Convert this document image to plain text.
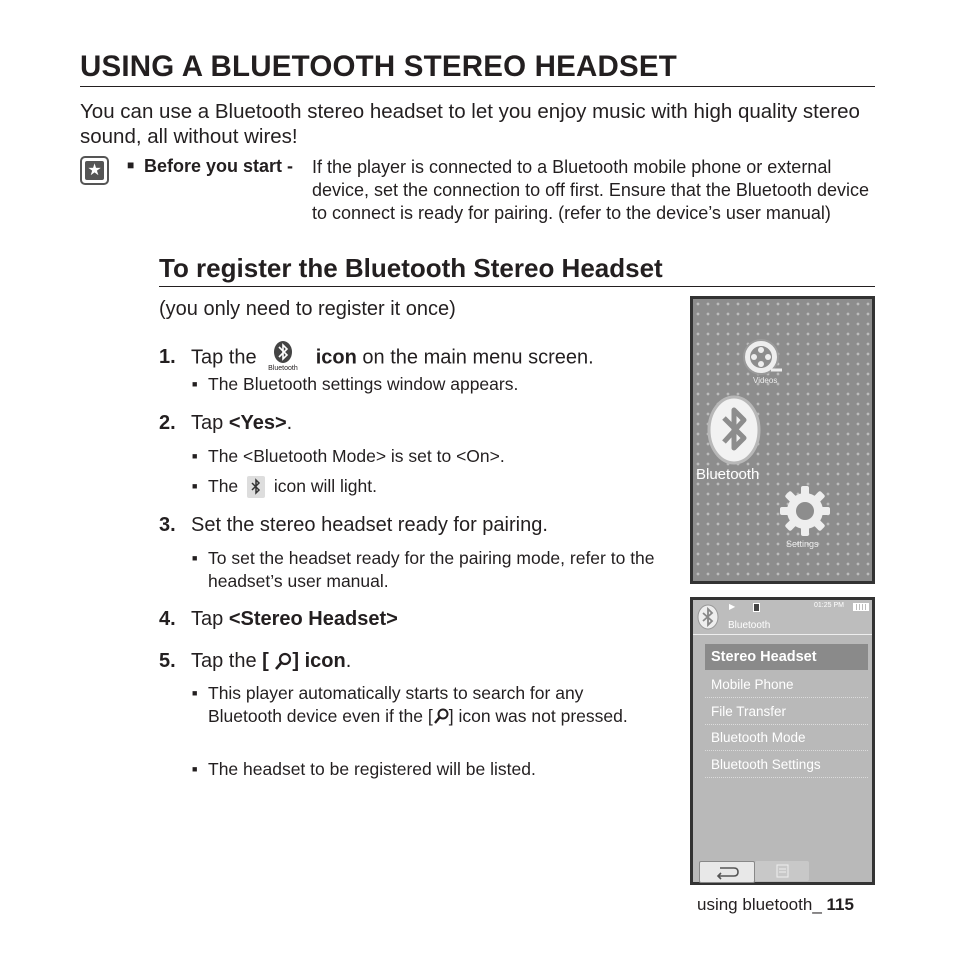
USING A BLUETOOTH STEREO HEADSET

You can use a Bluetooth stereo headset to let you enjoy music with high quality stereo sound, all without wires!

★ ■ Before you start - If the player is connected to a Bluetooth mobile phone or external device, set the connection to off first. Ensure that the Bluetooth device to connect is ready for pairing. (refer to the device’s user manual)
To register the Bluetooth Stereo Headset
(you only need to register it once)
1. Tap the
Bluetooth
icon on the main menu screen.
■ The Bluetooth settings window appears.
2. Tap <Yes>.
■ The <Bluetooth Mode> is set to <On>.
■ The icon will light.
3. Set the stereo headset ready for pairing.
■ To set the headset ready for the pairing mode, refer to the headset’s user manual.
4. Tap <Stereo Headset>
5. Tap the [ ] icon.
■ This player automatically starts to search for any
Bluetooth device even if the [ ] icon was not pressed.
■ The headset to be registered will be listed.
Videos
Bluetooth
Settings
▶	01:25 PM
Bluetooth
Stereo Headset
Mobile Phone
File Transfer
Bluetooth Mode
Bluetooth Settings
using bluetooth_ 115
